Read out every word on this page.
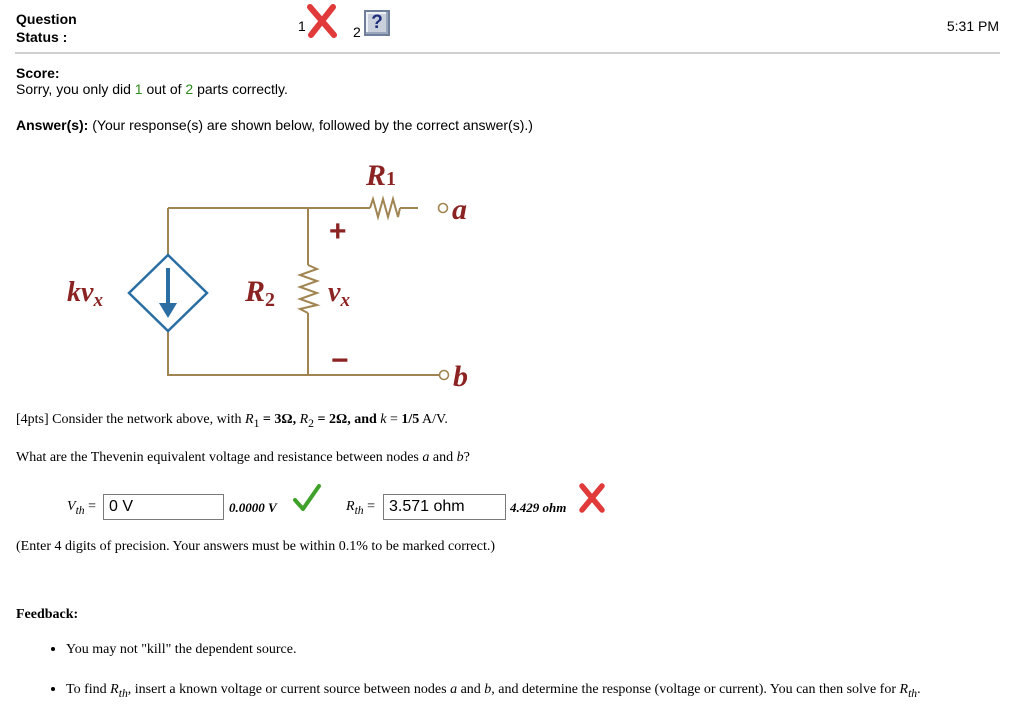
Question
Status :
1	2 ?	5:31 PM
Score:
Sorry, you only did 1 out of 2 parts correctly.
Answer(s): (Your response(s) are shown below, followed by the correct answer(s).)
R1
+
a
kvx	R2 vx
−	b
[4pts] Consider the network above, with $R_1 = 3\Omega$, $R_2 = 2\Omega$, and k = 1/5 A/V.
What are the Thevenin equivalent voltage and resistance between nodes a and b?
$V_{th}$ =
0 V	0.0000 V	$R_{th}$ =
3.571 ohm	4.429 ohm
(Enter 4 digits of precision. Your answers must be within 0.1% to be marked correct.)
Feedback:
• You may not "kill" the dependent source.
• To find $R_{th}$, insert a known voltage or current source between nodes a and b, and determine the response (voltage or current). You can then solve for $R_{th}$.
